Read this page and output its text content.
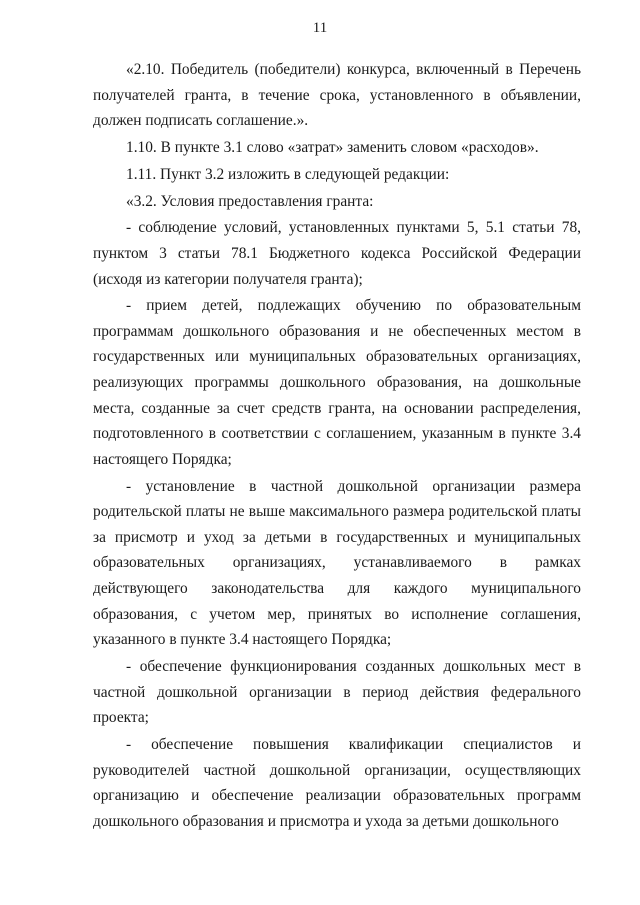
11

«2.10. Победитель (победители) конкурса, включенный в Перечень получателей гранта, в течение срока, установленного в объявлении, должен подписать соглашение.».

1.10. В пункте 3.1 слово «затрат» заменить словом «расходов».

1.11. Пункт 3.2 изложить в следующей редакции:

«3.2. Условия предоставления гранта:

- соблюдение условий, установленных пунктами 5, 5.1 статьи 78, пунктом 3 статьи 78.1 Бюджетного кодекса Российской Федерации (исходя из категории получателя гранта);

- прием детей, подлежащих обучению по образовательным программам дошкольного образования и не обеспеченных местом в государственных или муниципальных образовательных организациях, реализующих программы дошкольного образования, на дошкольные места, созданные за счет средств гранта, на основании распределения, подготовленного в соответствии с соглашением, указанным в пункте 3.4 настоящего Порядка;

- установление в частной дошкольной организации размера родительской платы не выше максимального размера родительской платы за присмотр и уход за детьми в государственных и муниципальных образовательных организациях, устанавливаемого в рамках действующего законодательства для каждого муниципального образования, с учетом мер, принятых во исполнение соглашения, указанного в пункте 3.4 настоящего Порядка;

- обеспечение функционирования созданных дошкольных мест в частной дошкольной организации в период действия федерального проекта;

- обеспечение повышения квалификации специалистов и руководителей частной дошкольной организации, осуществляющих организацию и обеспечение реализации образовательных программ дошкольного образования и присмотра и ухода за детьми дошкольного
